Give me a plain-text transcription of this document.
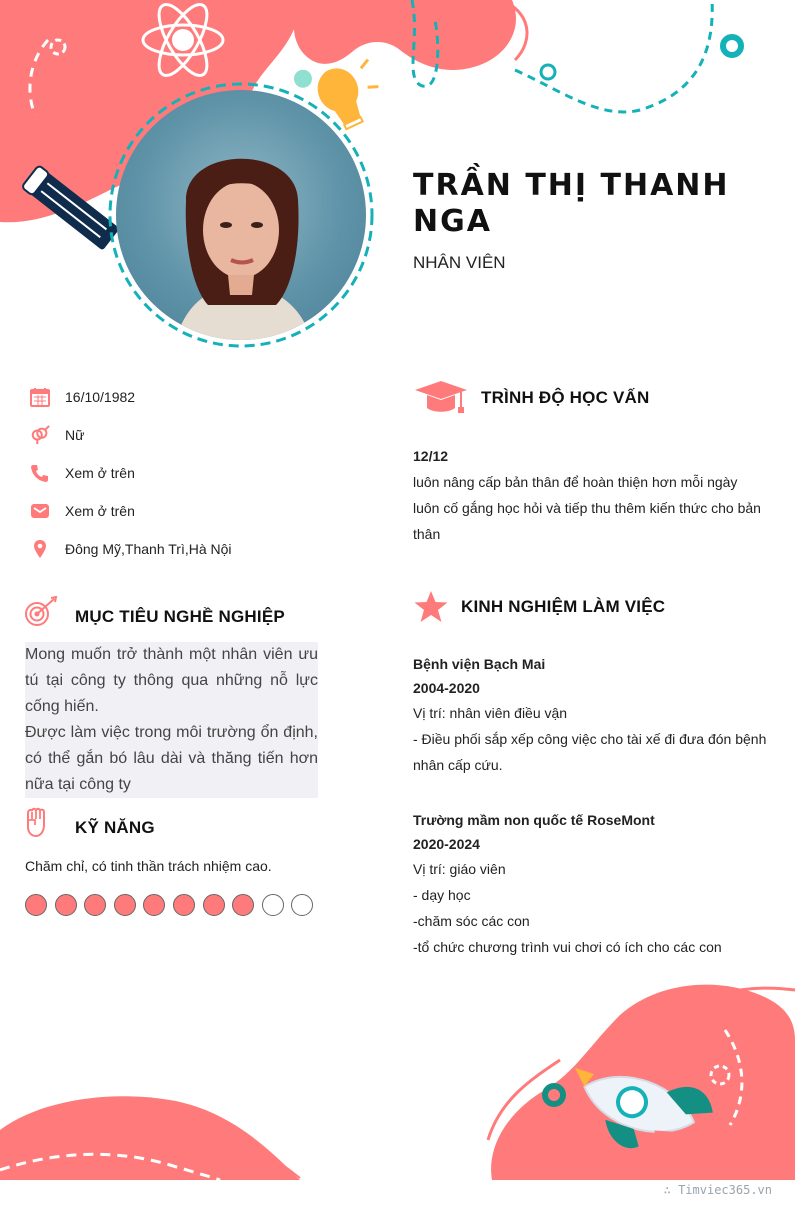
TRẦN THỊ THANH NGA
NHÂN VIÊN
16/10/1982
Nữ
Xem ở trên
Xem ở trên
Đông Mỹ,Thanh Trì,Hà Nội
MỤC TIÊU NGHỀ NGHIỆP

Mong muốn trở thành một nhân viên ưu tú tại công ty thông qua những nỗ lực cống hiến.

Được làm việc trong môi trường ổn định, có thể gắn bó lâu dài và thăng tiến hơn nữa tại công ty

KỸ NĂNG
Chăm chỉ, có tinh thần trách nhiệm cao.
TRÌNH ĐỘ HỌC VẤN
12/12
luôn nâng cấp bản thân để hoàn thiện hơn mỗi ngày
luôn cố gắng học hỏi và tiếp thu thêm kiến thức cho bản thân
KINH NGHIỆM LÀM VIỆC
Bệnh viện Bạch Mai
2004-2020
Vị trí: nhân viên điều vận
- Điều phối sắp xếp công việc cho tài xế đi đưa đón bệnh nhân cấp cứu.
Trường mầm non quốc tế RoseMont
2020-2024
Vị trí: giáo viên
- dạy học
-chăm sóc các con
-tổ chức chương trình vui chơi có ích cho các con
∴ Timviec365.vn
